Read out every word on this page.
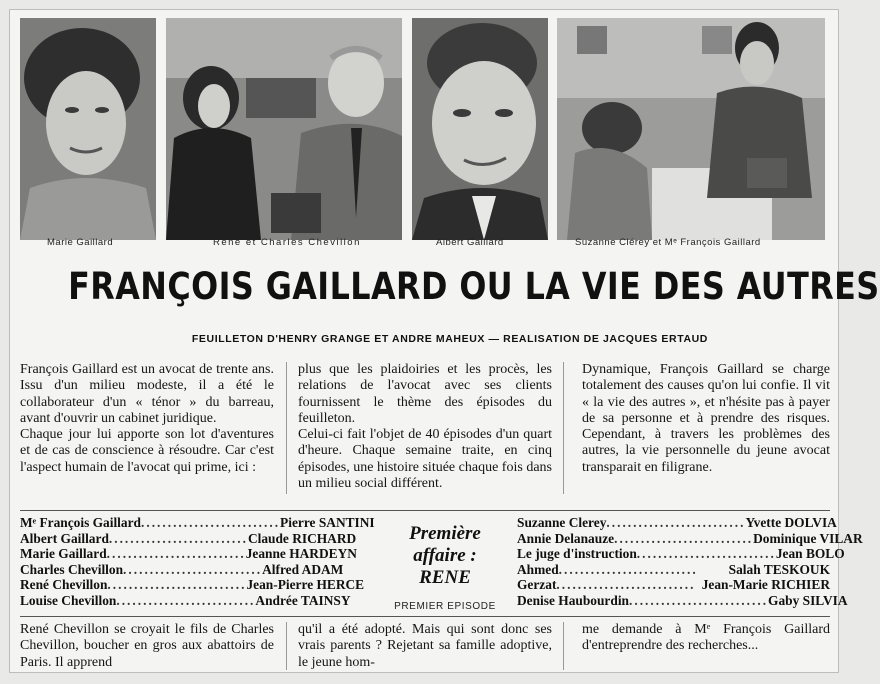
Marie Gaillard	René et Charles Chevillon	Albert Gaillard	Suzanne Clérey et Mᵉ François Gaillard
FRANÇOIS GAILLARD OU LA VIE DES AUTRES
FEUILLETON D'HENRY GRANGE ET ANDRE MAHEUX — REALISATION DE JACQUES ERTAUD

François Gaillard est un avocat de trente ans. Issu d'un milieu modeste, il a été le collaborateur d'un « ténor » du barreau, avant d'ouvrir un cabinet juridique.

Chaque jour lui apporte son lot d'aventures et de cas de conscience à résoudre. Car c'est l'aspect humain de l'avocat qui prime, ici :

plus que les plaidoiries et les procès, les relations de l'avocat avec ses clients fournissent le thème des épisodes du feuilleton.

Celui-ci fait l'objet de 40 épisodes d'un quart d'heure. Chaque semaine traite, en cinq épisodes, une histoire située chaque fois dans un milieu social différent.

Dynamique, François Gaillard se charge totalement des causes qu'on lui confie. Il vit « la vie des autres », et n'hésite pas à payer de sa personne et à prendre des risques. Cependant, à travers les problèmes des autres, la vie personnelle du jeune avocat transparait en filigrane.

Mᵉ François Gaillard .......................... Pierre SANTINI
Albert Gaillard .......................... Claude RICHARD
Marie Gaillard .......................... Jeanne HARDEYN
Charles Chevillon .......................... Alfred ADAM
René Chevillon .......................... Jean-Pierre HERCE
Louise Chevillon .......................... Andrée TAINSY
Première
affaire :
RENE
PREMIER EPISODE
Suzanne Clerey .......................... Yvette DOLVIA
Annie Delanauze .......................... Dominique VILAR
Le juge d'instruction .......................... Jean BOLO
Ahmed ..........................	Salah TESKOUK
Gerzat .......................... Jean-Marie RICHIER
Denise Haubourdin .......................... Gaby SILVIA

René Chevillon se croyait le fils de Charles Chevillon, boucher en gros aux abattoirs de Paris. Il apprend

qu'il a été adopté. Mais qui sont donc ses vrais parents ? Rejetant sa famille adoptive, le jeune hom-

me demande à Mᵉ François Gaillard d'entreprendre des recherches...
